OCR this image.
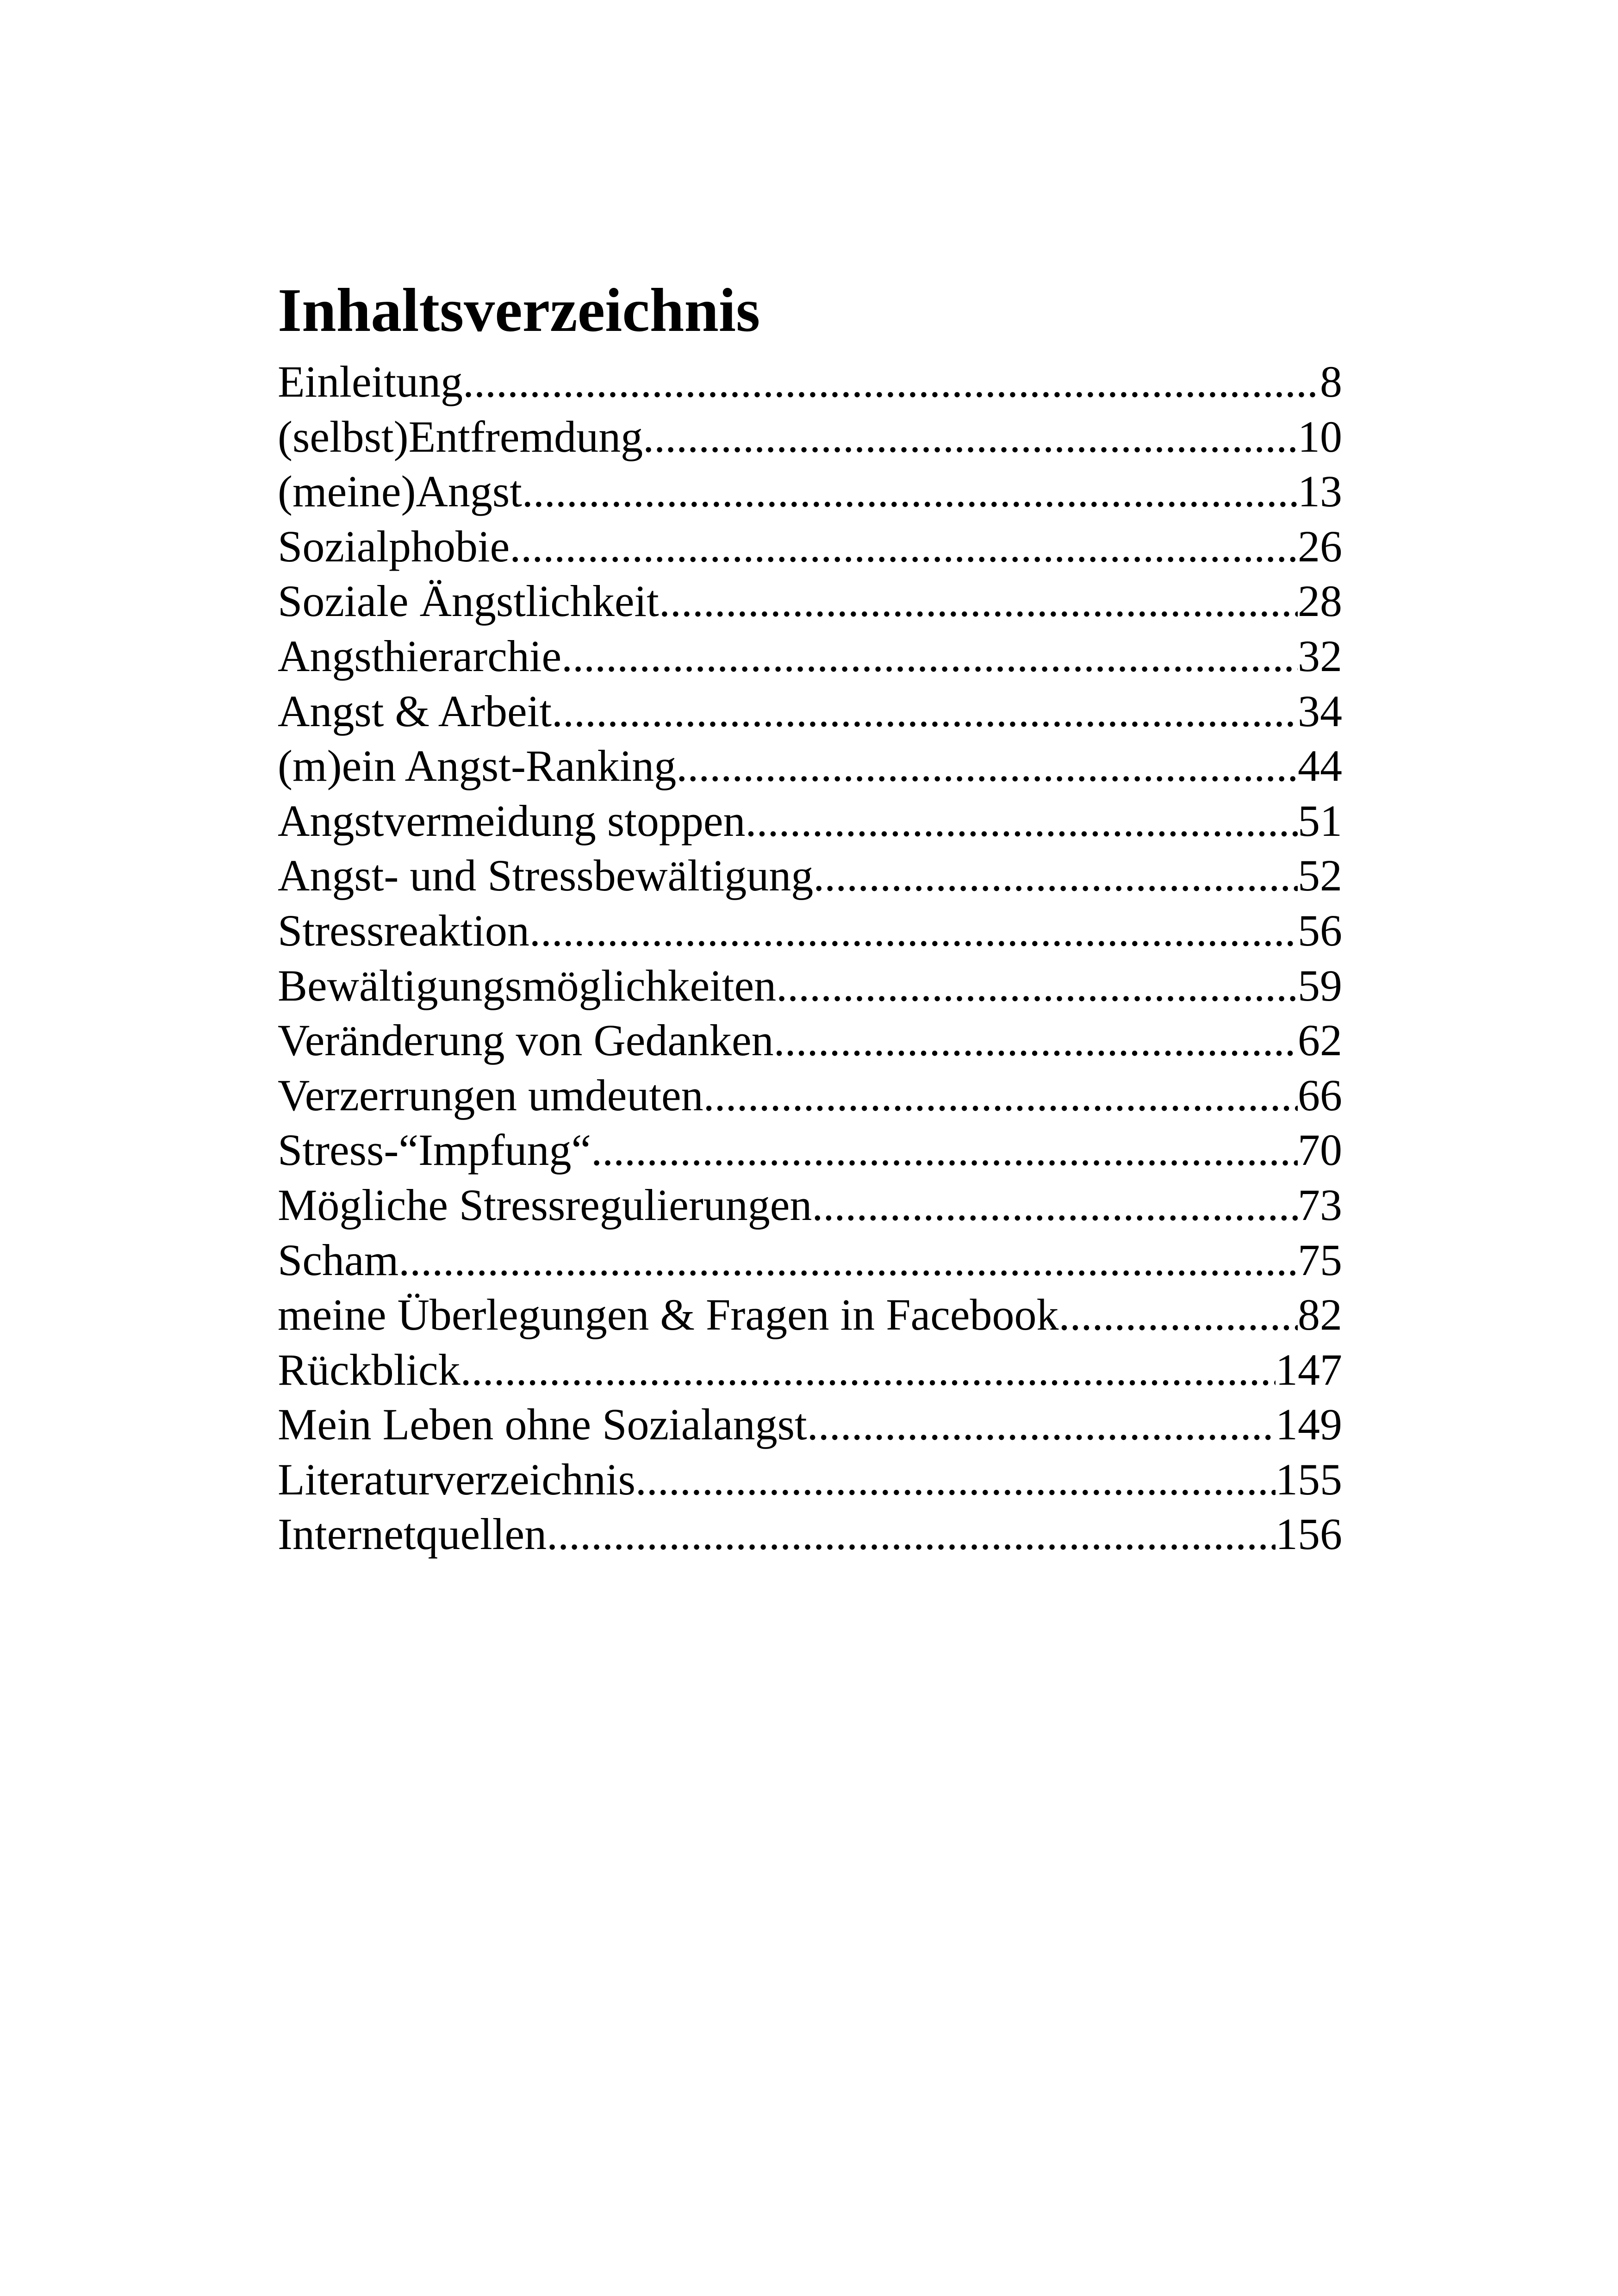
Inhaltsverzeichnis
Einleitung .....	8
(selbst)Entfremdung .....	10
(meine)Angst .....	13
Sozialphobie .....	26
Soziale Ängstlichkeit .....	28
Angsthierarchie .....	32
Angst & Arbeit .....	34
(m)ein Angst-Ranking .....	44
Angstvermeidung stoppen .....	51
Angst- und Stressbewältigung .....	52
Stressreaktion .....	56
Bewältigungsmöglichkeiten .....	59
Veränderung von Gedanken .....	62
Verzerrungen umdeuten .....	66
Stress-“Impfung“ .....	70
Mögliche Stressregulierungen .....	73
Scham .....	75
meine Überlegungen & Fragen in Facebook .....	82
Rückblick .....	147
Mein Leben ohne Sozialangst .....	149
Literaturverzeichnis .....	155
Internetquellen .....	156
